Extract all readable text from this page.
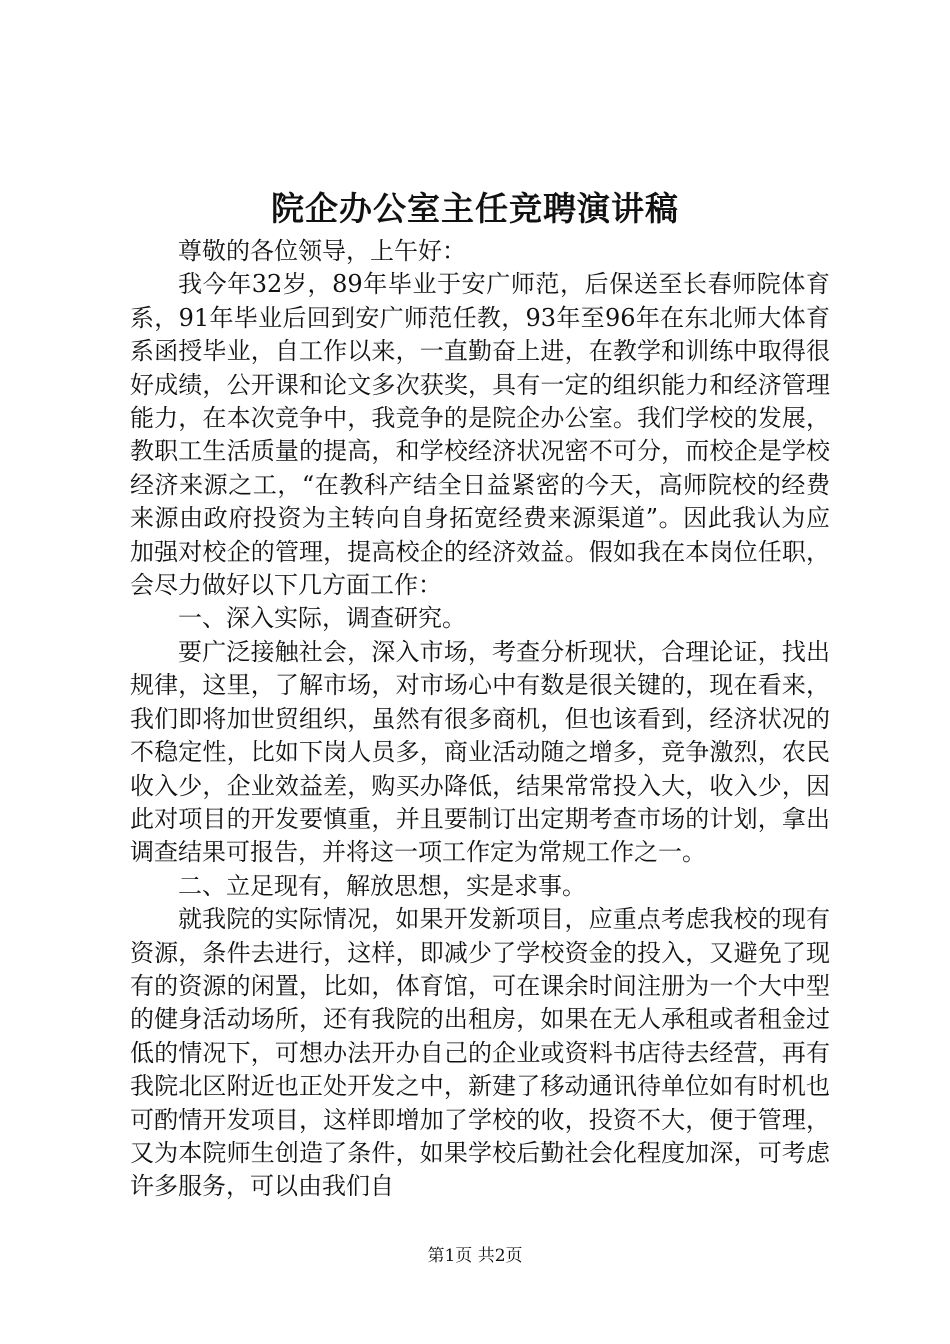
院企办公室主任竞聘演讲稿

尊敬的各位领导，上午好：

我今年32岁，89年毕业于安广师范，后保送至长春师院体育系，91年毕业后回到安广师范任教，93年至96年在东北师大体育系函授毕业，自工作以来，一直勤奋上进，在教学和训练中取得很好成绩，公开课和论文多次获奖，具有一定的组织能力和经济管理能力，在本次竞争中，我竞争的是院企办公室。我们学校的发展，教职工生活质量的提高，和学校经济状况密不可分，而校企是学校经济来源之工，“在教科产结全日益紧密的今天，高师院校的经费来源由政府投资为主转向自身拓宽经费来源渠道”。因此我认为应加强对校企的管理，提高校企的经济效益。假如我在本岗位任职，会尽力做好以下几方面工作：

一、深入实际，调查研究。

要广泛接触社会，深入市场，考查分析现状，合理论证，找出规律，这里，了解市场，对市场心中有数是很关键的，现在看来，我们即将加世贸组织，虽然有很多商机，但也该看到，经济状况的不稳定性，比如下岗人员多，商业活动随之增多，竞争激烈，农民收入少，企业效益差，购买办降低，结果常常投入大，收入少，因此对项目的开发要慎重，并且要制订出定期考查市场的计划，拿出调查结果可报告，并将这一项工作定为常规工作之一。

二、立足现有，解放思想，实是求事。

就我院的实际情况，如果开发新项目，应重点考虑我校的现有资源，条件去进行，这样，即减少了学校资金的投入，又避免了现有的资源的闲置，比如，体育馆，可在课余时间注册为一个大中型的健身活动场所，还有我院的出租房，如果在无人承租或者租金过低的情况下，可想办法开办自己的企业或资料书店待去经营，再有我院北区附近也正处开发之中，新建了移动通讯待单位如有时机也可酌情开发项目，这样即增加了学校的收，投资不大，便于管理，又为本院师生创造了条件，如果学校后勤社会化程度加深，可考虑许多服务，可以由我们自

第1页 共2页
